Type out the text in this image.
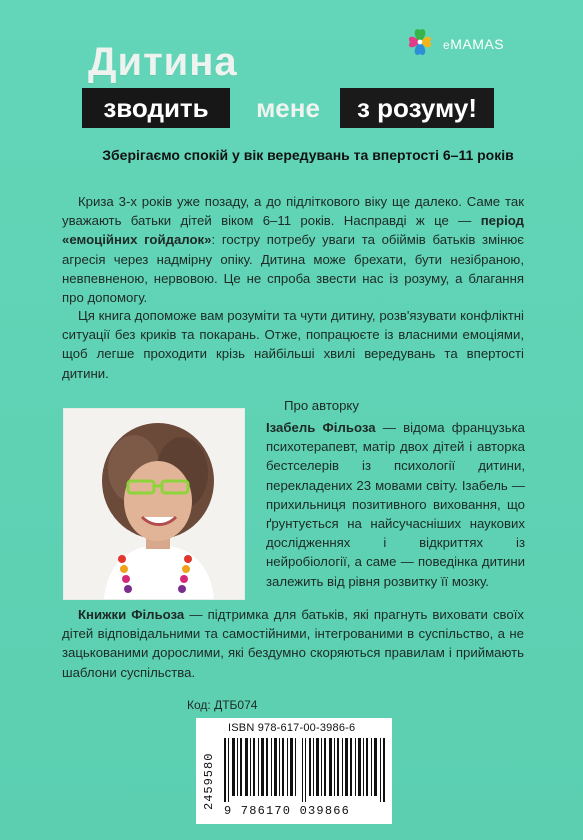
eMAMAS
Дитина
зводить	мене	з розуму!
Зберігаємо спокій у вік вередувань та впертості 6–11 років
Криза 3-х років уже позаду, а до підліткового віку ще далеко. Саме так уважають батьки дітей віком 6–11 років. Насправді ж це — період «емоційних гойдалок»: гостру потребу уваги та обіймів батьків змінює агресія через надмірну опіку. Дитина може брехати, бути незібраною, невпевненою, нервовою. Це не спроба звести нас із розуму, а благання про допомогу.
Ця книга допоможе вам розуміти та чути дитину, розв'язувати конфліктні ситуації без криків та покарань. Отже, попрацюєте із власними емоціями, щоб легше проходити крізь найбільші хвилі вередувань та впертості дитини.
Про авторку
Ізабель Фільоза — відома французька психотерапевт, матір двох дітей і авторка бестселерів із психології дитини, перекладених 23 мовами світу. Ізабель — прихильниця позитивного виховання, що ґрунтується на найсучасніших наукових дослідженнях і відкриттях із нейробіології, а саме — поведінка дитини залежить від рівня розвитку її мозку.
Книжки Фільоза — підтримка для батьків, які прагнуть виховати своїх дітей відповідальними та самостійними, інтегрованими в суспільство, а не зацькованими дорослими, які бездумно скоряються правилам і приймають шаблони суспільства.
Код: ДТБ074
ISBN 978-617-00-3986-6
9 786170 039866
2459580
